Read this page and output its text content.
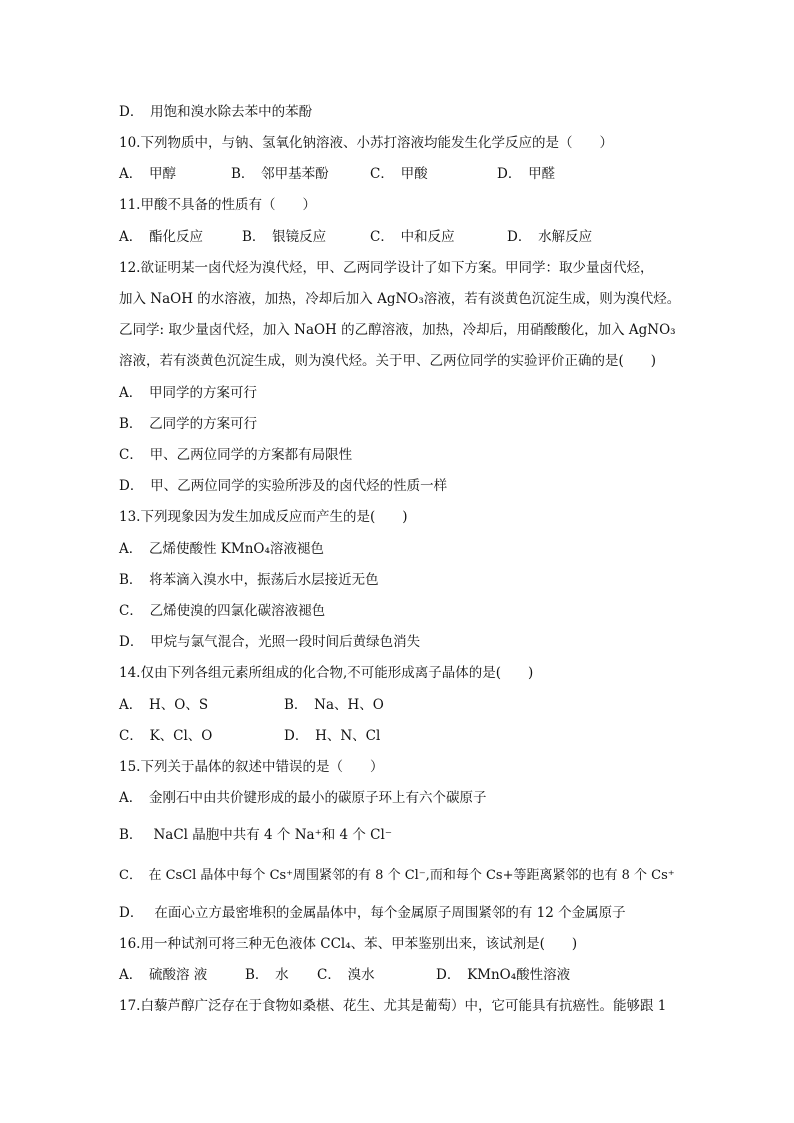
D．　用饱和溴水除去苯中的苯酚
10.下列物质中，与钠、氢氧化钠溶液、小苏打溶液均能发生化学反应的是（　　）
A．　甲醇	B．　邻甲基苯酚	C．　甲酸	D．　甲醛
11.甲酸不具备的性质有（　　）
A．　酯化反应	B．　银镜反应	C．　中和反应	D．　水解反应
12.欲证明某一卤代烃为溴代烃，甲、乙两同学设计了如下方案。甲同学：取少量卤代烃，
加入 NaOH 的水溶液，加热，冷却后加入 AgNO₃溶液，若有淡黄色沉淀生成，则为溴代烃。
乙同学: 取少量卤代烃，加入 NaOH 的乙醇溶液，加热，冷却后，用硝酸酸化，加入 AgNO₃
溶液，若有淡黄色沉淀生成，则为溴代烃。关于甲、乙两位同学的实验评价正确的是(　　)
A．　甲同学的方案可行
B．　乙同学的方案可行
C．　甲、乙两位同学的方案都有局限性
D．　甲、乙两位同学的实验所涉及的卤代烃的性质一样
13.下列现象因为发生加成反应而产生的是(　　)
A．　乙烯使酸性 KMnO₄溶液褪色
B．　将苯滴入溴水中，振荡后水层接近无色
C．　乙烯使溴的四氯化碳溶液褪色
D．　甲烷与氯气混合，光照一段时间后黄绿色消失
14.仅由下列各组元素所组成的化合物,不可能形成离子晶体的是(　　)
A．　H、O、S	B．　Na、H、O
C．　K、Cl、O	D．　H、N、Cl
15.下列关于晶体的叙述中错误的是（　　）
A．　金刚石中由共价键形成的最小的碳原子环上有六个碳原子
B．　 NaCl 晶胞中共有 4 个 Na⁺和 4 个 Cl⁻
C．　在 CsCl 晶体中每个 Cs⁺周围紧邻的有 8 个 Cl⁻,而和每个 Cs+等距离紧邻的也有 8 个 Cs⁺
D．　 在面心立方最密堆积的金属晶体中，每个金属原子周围紧邻的有 12 个金属原子
16.用一种试剂可将三种无色液体 CCl₄、苯、甲苯鉴别出来，该试剂是(　　)
A．　硫酸溶 液	B．　水 C．　溴水	D．　KMnO₄酸性溶液
17.白藜芦醇广泛存在于食物如桑椹、花生、尤其是葡萄）中，它可能具有抗癌性。能够跟 1
